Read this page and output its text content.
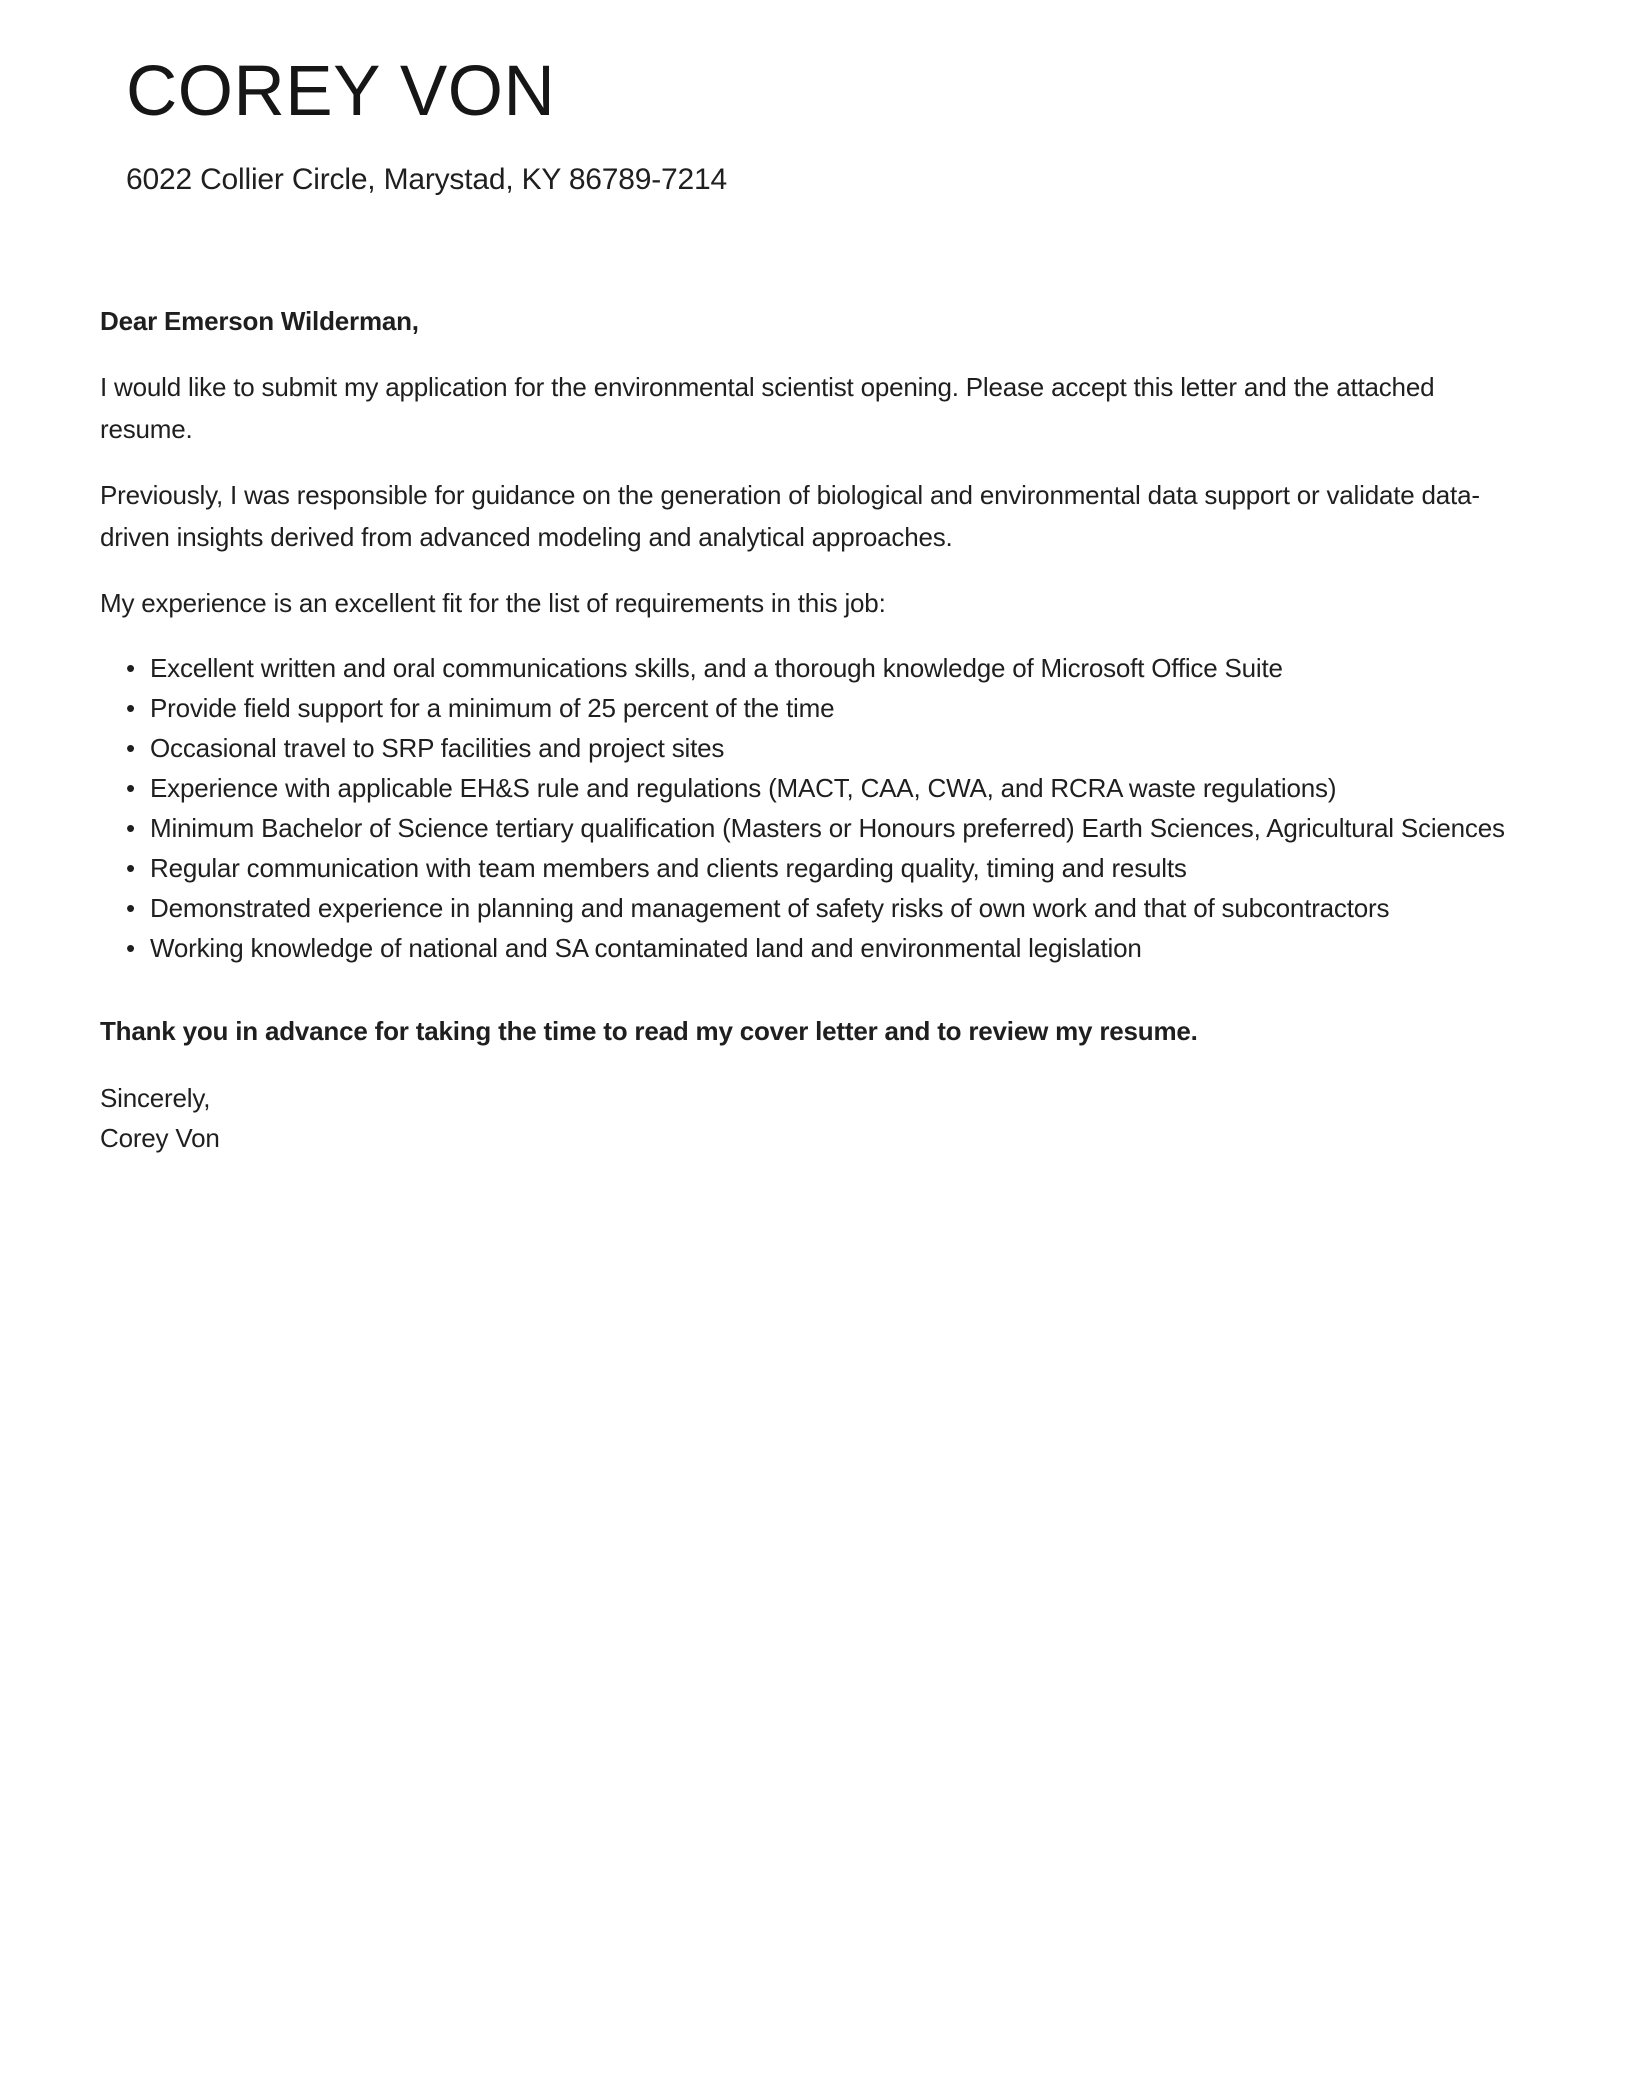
COREY VON
6022 Collier Circle, Marystad, KY 86789-7214

Dear Emerson Wilderman,

I would like to submit my application for the environmental scientist opening. Please accept this letter and the attached resume.

Previously, I was responsible for guidance on the generation of biological and environmental data support or validate data-driven insights derived from advanced modeling and analytical approaches.

My experience is an excellent fit for the list of requirements in this job:

• Excellent written and oral communications skills, and a thorough knowledge of Microsoft Office Suite
• Provide field support for a minimum of 25 percent of the time
• Occasional travel to SRP facilities and project sites
• Experience with applicable EH&S rule and regulations (MACT, CAA, CWA, and RCRA waste regulations)
• Minimum Bachelor of Science tertiary qualification (Masters or Honours preferred) Earth Sciences, Agricultural Sciences
• Regular communication with team members and clients regarding quality, timing and results
• Demonstrated experience in planning and management of safety risks of own work and that of subcontractors
• Working knowledge of national and SA contaminated land and environmental legislation

Thank you in advance for taking the time to read my cover letter and to review my resume.

Sincerely,
Corey Von
